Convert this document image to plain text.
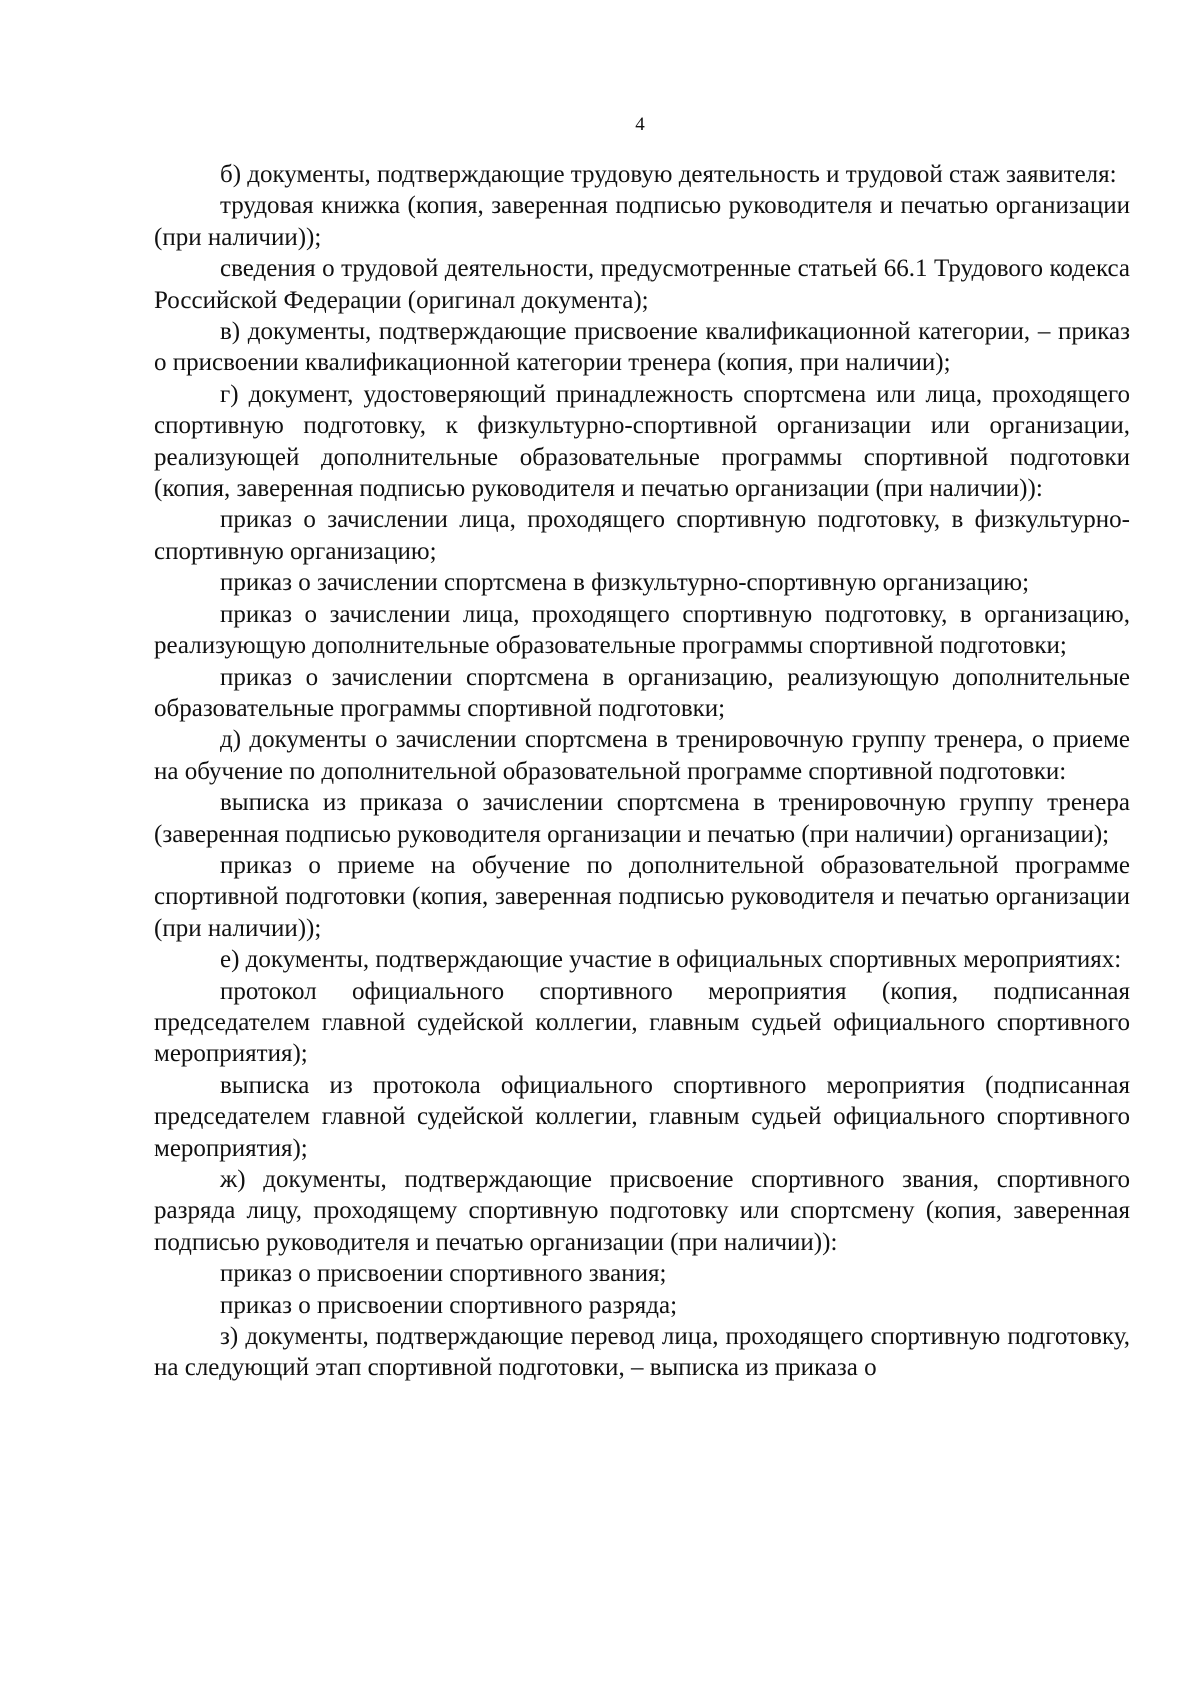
4

б) документы, подтверждающие трудовую деятельность и трудовой стаж заявителя:

трудовая книжка (копия, заверенная подписью руководителя и печатью организации (при наличии));

сведения о трудовой деятельности, предусмотренные статьей 66.1 Трудового кодекса Российской Федерации (оригинал документа);

в) документы, подтверждающие присвоение квалификационной категории, – приказ о присвоении квалификационной категории тренера (копия, при наличии);

г) документ, удостоверяющий принадлежность спортсмена или лица, проходящего спортивную подготовку, к физкультурно-спортивной организации или организации, реализующей дополнительные образовательные программы спортивной подготовки (копия, заверенная подписью руководителя и печатью организации (при наличии)):

приказ о зачислении лица, проходящего спортивную подготовку, в физкультурно-спортивную организацию;

приказ о зачислении спортсмена в физкультурно-спортивную организацию;

приказ о зачислении лица, проходящего спортивную подготовку, в организацию, реализующую дополнительные образовательные программы спортивной подготовки;

приказ о зачислении спортсмена в организацию, реализующую дополнительные образовательные программы спортивной подготовки;

д) документы о зачислении спортсмена в тренировочную группу тренера, о приеме на обучение по дополнительной образовательной программе спортивной подготовки:

выписка из приказа о зачислении спортсмена в тренировочную группу тренера (заверенная подписью руководителя организации и печатью (при наличии) организации);

приказ о приеме на обучение по дополнительной образовательной программе спортивной подготовки (копия, заверенная подписью руководителя и печатью организации (при наличии));

е) документы, подтверждающие участие в официальных спортивных мероприятиях:

протокол официального спортивного мероприятия (копия, подписанная председателем главной судейской коллегии, главным судьей официального спортивного мероприятия);

выписка из протокола официального спортивного мероприятия (подписанная председателем главной судейской коллегии, главным судьей официального спортивного мероприятия);

ж) документы, подтверждающие присвоение спортивного звания, спортивного разряда лицу, проходящему спортивную подготовку или спортсмену (копия, заверенная подписью руководителя и печатью организации (при наличии)):

приказ о присвоении спортивного звания;

приказ о присвоении спортивного разряда;

з) документы, подтверждающие перевод лица, проходящего спортивную подготовку, на следующий этап спортивной подготовки, – выписка из приказа о
